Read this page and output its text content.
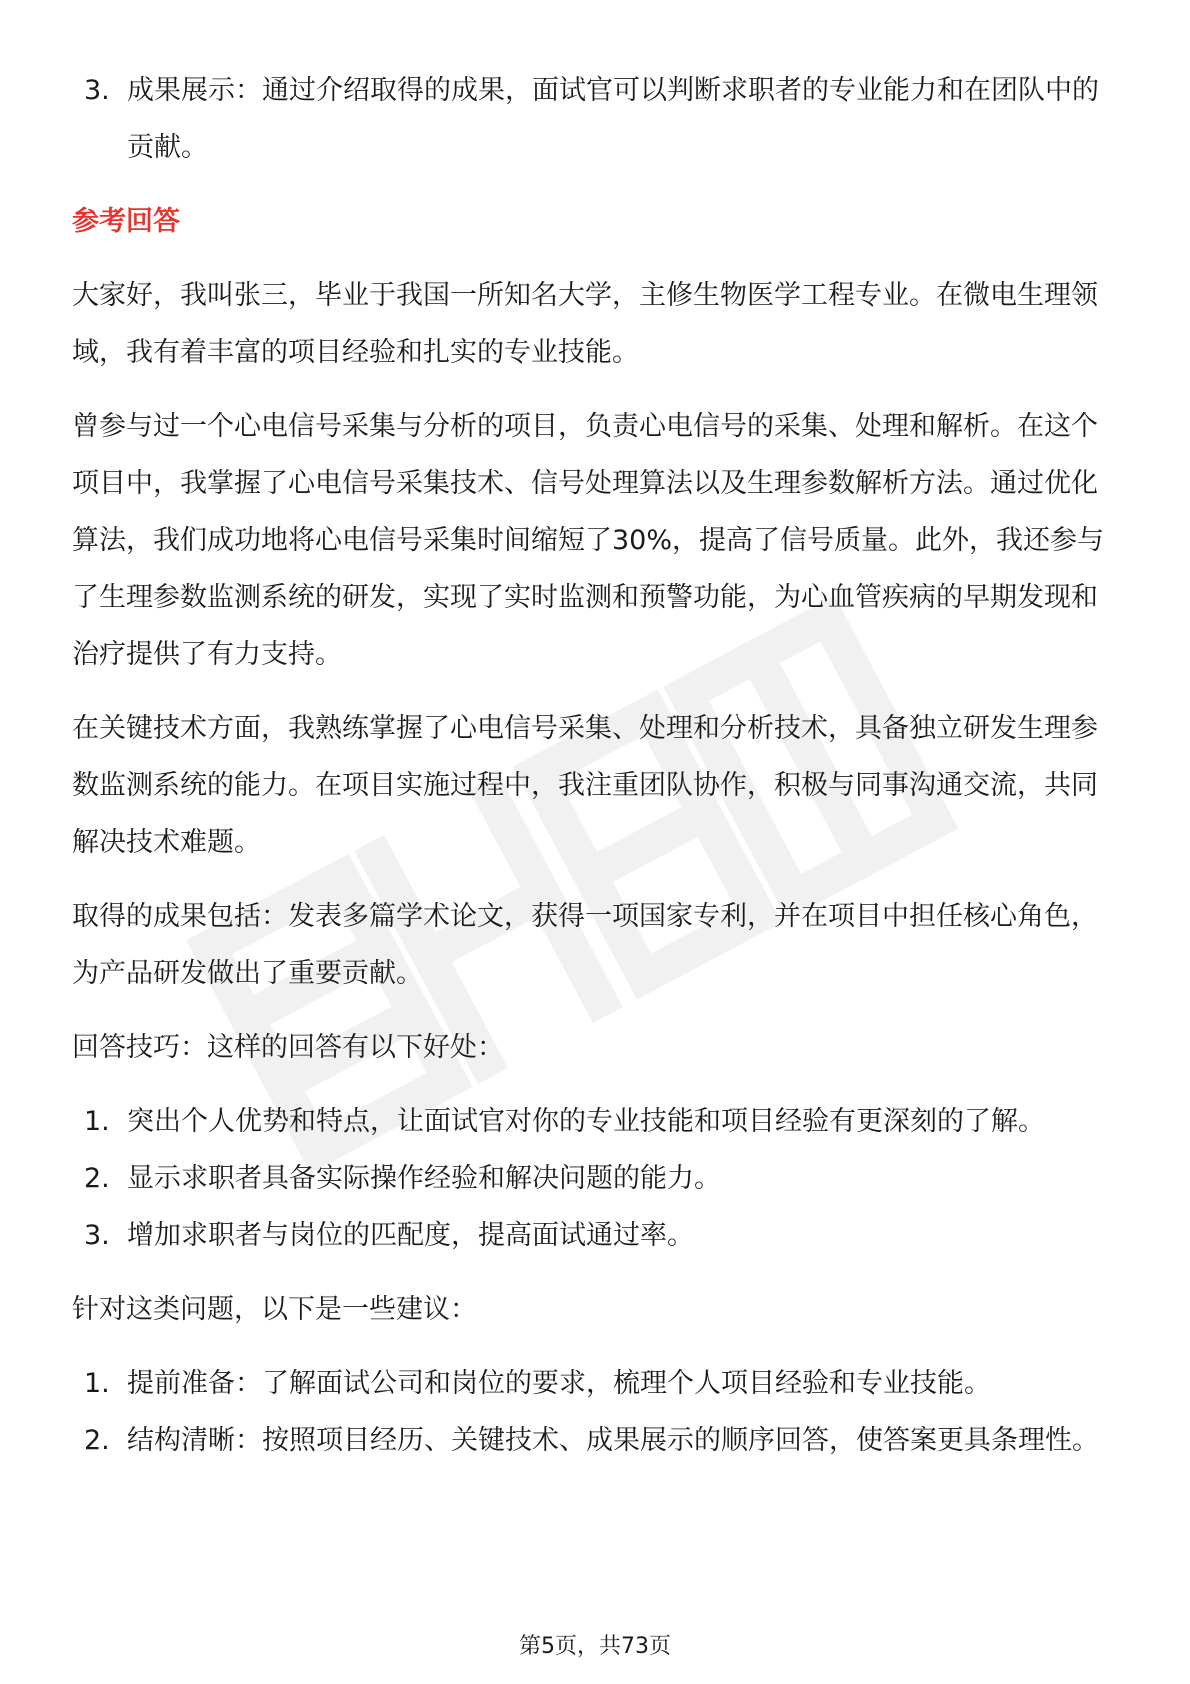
3. 成果展示：通过介绍取得的成果，面试官可以判断求职者的专业能力和在团队中的贡献。

参考回答

大家好，我叫张三，毕业于我国一所知名大学，主修生物医学工程专业。在微电生理领域，我有着丰富的项目经验和扎实的专业技能。

曾参与过一个心电信号采集与分析的项目，负责心电信号的采集、处理和解析。在这个项目中，我掌握了心电信号采集技术、信号处理算法以及生理参数解析方法。通过优化算法，我们成功地将心电信号采集时间缩短了30%，提高了信号质量。此外，我还参与了生理参数监测系统的研发，实现了实时监测和预警功能，为心血管疾病的早期发现和治疗提供了有力支持。

在关键技术方面，我熟练掌握了心电信号采集、处理和分析技术，具备独立研发生理参数监测系统的能力。在项目实施过程中，我注重团队协作，积极与同事沟通交流，共同解决技术难题。

取得的成果包括：发表多篇学术论文，获得一项国家专利，并在项目中担任核心角色，为产品研发做出了重要贡献。

回答技巧：这样的回答有以下好处：

1. 突出个人优势和特点，让面试官对你的专业技能和项目经验有更深刻的了解。
2. 显示求职者具备实际操作经验和解决问题的能力。
3. 增加求职者与岗位的匹配度，提高面试通过率。

针对这类问题，以下是一些建议：

1. 提前准备：了解面试公司和岗位的要求，梳理个人项目经验和专业技能。
2. 结构清晰：按照项目经历、关键技术、成果展示的顺序回答，使答案更具条理性。
第5页，共73页
